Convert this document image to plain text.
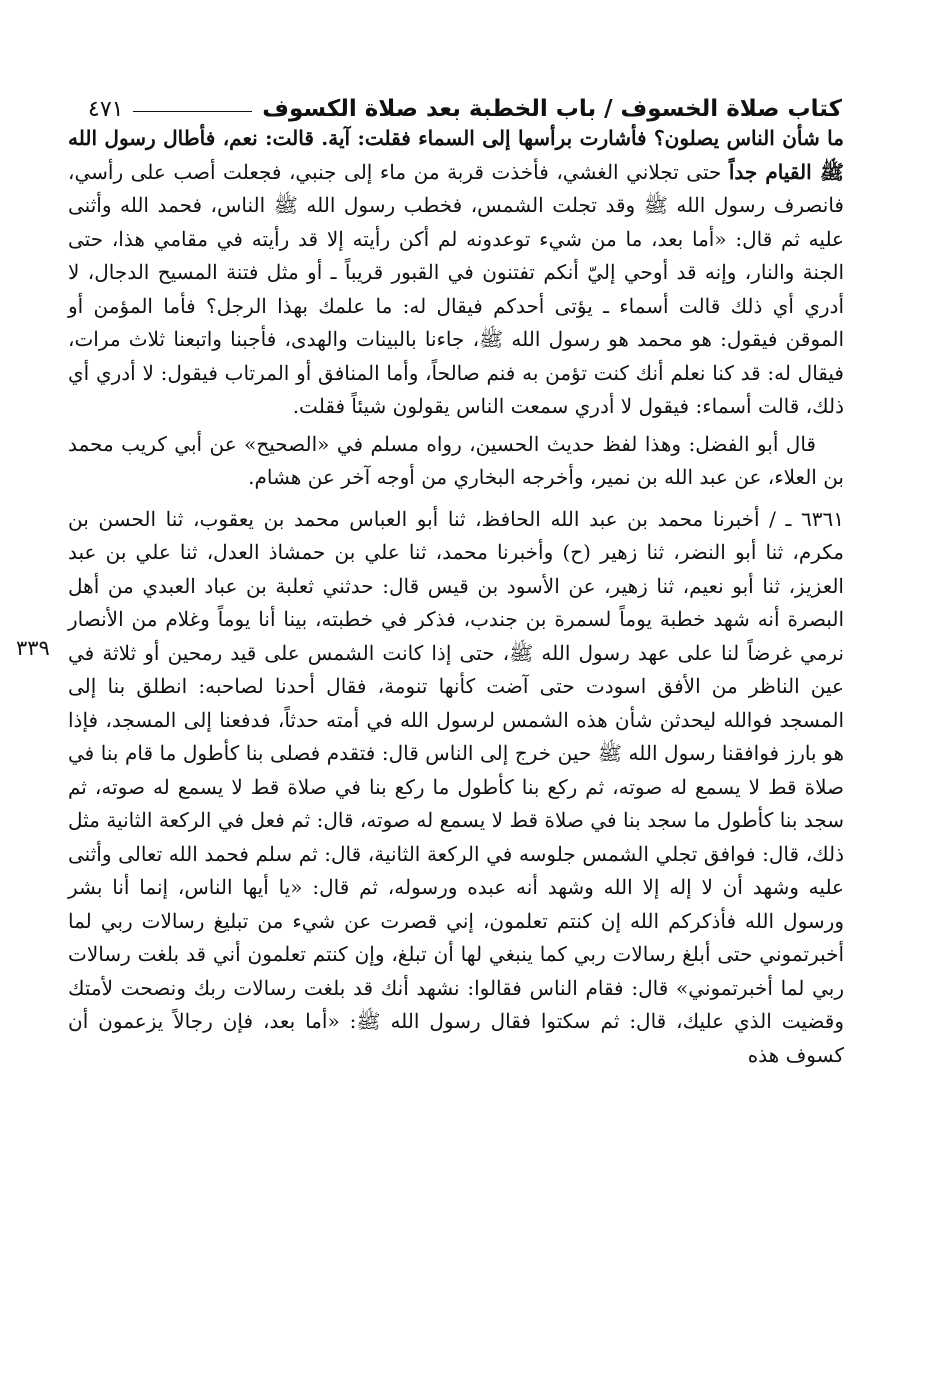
كتاب صلاة الخسوف / باب الخطبة بعد صلاة الكسوف
٤٧١

ما شأن الناس يصلون؟ فأشارت برأسها إلى السماء فقلت: آية. قالت: نعم، فأطال رسول الله ﷺ القيام جداً حتى تجلاني الغشي، فأخذت قربة من ماء إلى جنبي، فجعلت أصب على رأسي، فانصرف رسول الله ﷺ وقد تجلت الشمس، فخطب رسول الله ﷺ الناس، فحمد الله وأثنى عليه ثم قال: «أما بعد، ما من شيء توعدونه لم أكن رأيته إلا قد رأيته في مقامي هذا، حتى الجنة والنار، وإنه قد أوحي إليّ أنكم تفتنون في القبور قريباً ـ أو مثل فتنة المسيح الدجال، لا أدري أي ذلك قالت أسماء ـ يؤتى أحدكم فيقال له: ما علمك بهذا الرجل؟ فأما المؤمن أو الموقن فيقول: هو محمد هو رسول الله ﷺ، جاءنا بالبينات والهدى، فأجبنا واتبعنا ثلاث مرات، فيقال له: قد كنا نعلم أنك كنت تؤمن به فنم صالحاً، وأما المنافق أو المرتاب فيقول: لا أدري أي ذلك، قالت أسماء: فيقول لا أدري سمعت الناس يقولون شيئاً فقلت.

قال أبو الفضل: وهذا لفظ حديث الحسين، رواه مسلم في «الصحيح» عن أبي كريب محمد بن العلاء، عن عبد الله بن نمير، وأخرجه البخاري من أوجه آخر عن هشام.

٦٣٦١ ـ / أخبرنا محمد بن عبد الله الحافظ، ثنا أبو العباس محمد بن يعقوب، ثنا الحسن بن مكرم، ثنا أبو النضر، ثنا زهير (ح) وأخبرنا محمد، ثنا علي بن حمشاذ العدل، ثنا علي بن عبد العزيز، ثنا أبو نعيم، ثنا زهير، عن الأسود بن قيس قال: حدثني ثعلبة بن عباد العبدي من أهل البصرة أنه شهد خطبة يوماً لسمرة بن جندب، فذكر في خطبته، بينا أنا يوماً وغلام من الأنصار نرمي غرضاً لنا على عهد رسول الله ﷺ، حتى إذا كانت الشمس على قيد رمحين أو ثلاثة في عين الناظر من الأفق اسودت حتى آضت كأنها تنومة، فقال أحدنا لصاحبه: انطلق بنا إلى المسجد فوالله ليحدثن شأن هذه الشمس لرسول الله في أمته حدثاً، فدفعنا إلى المسجد، فإذا هو بارز فوافقنا رسول الله ﷺ حين خرج إلى الناس قال: فتقدم فصلى بنا كأطول ما قام بنا في صلاة قط لا يسمع له صوته، ثم ركع بنا كأطول ما ركع بنا في صلاة قط لا يسمع له صوته، ثم سجد بنا كأطول ما سجد بنا في صلاة قط لا يسمع له صوته، قال: ثم فعل في الركعة الثانية مثل ذلك، قال: فوافق تجلي الشمس جلوسه في الركعة الثانية، قال: ثم سلم فحمد الله تعالى وأثنى عليه وشهد أن لا إله إلا الله وشهد أنه عبده ورسوله، ثم قال: «يا أيها الناس، إنما أنا بشر ورسول الله فأذكركم الله إن كنتم تعلمون، إني قصرت عن شيء من تبليغ رسالات ربي لما أخبرتموني حتى أبلغ رسالات ربي كما ينبغي لها أن تبلغ، وإن كنتم تعلمون أني قد بلغت رسالات ربي لما أخبرتموني» قال: فقام الناس فقالوا: نشهد أنك قد بلغت رسالات ربك ونصحت لأمتك وقضيت الذي عليك، قال: ثم سكتوا فقال رسول الله ﷺ: «أما بعد، فإن رجالاً يزعمون أن كسوف هذه

٣٣٩
